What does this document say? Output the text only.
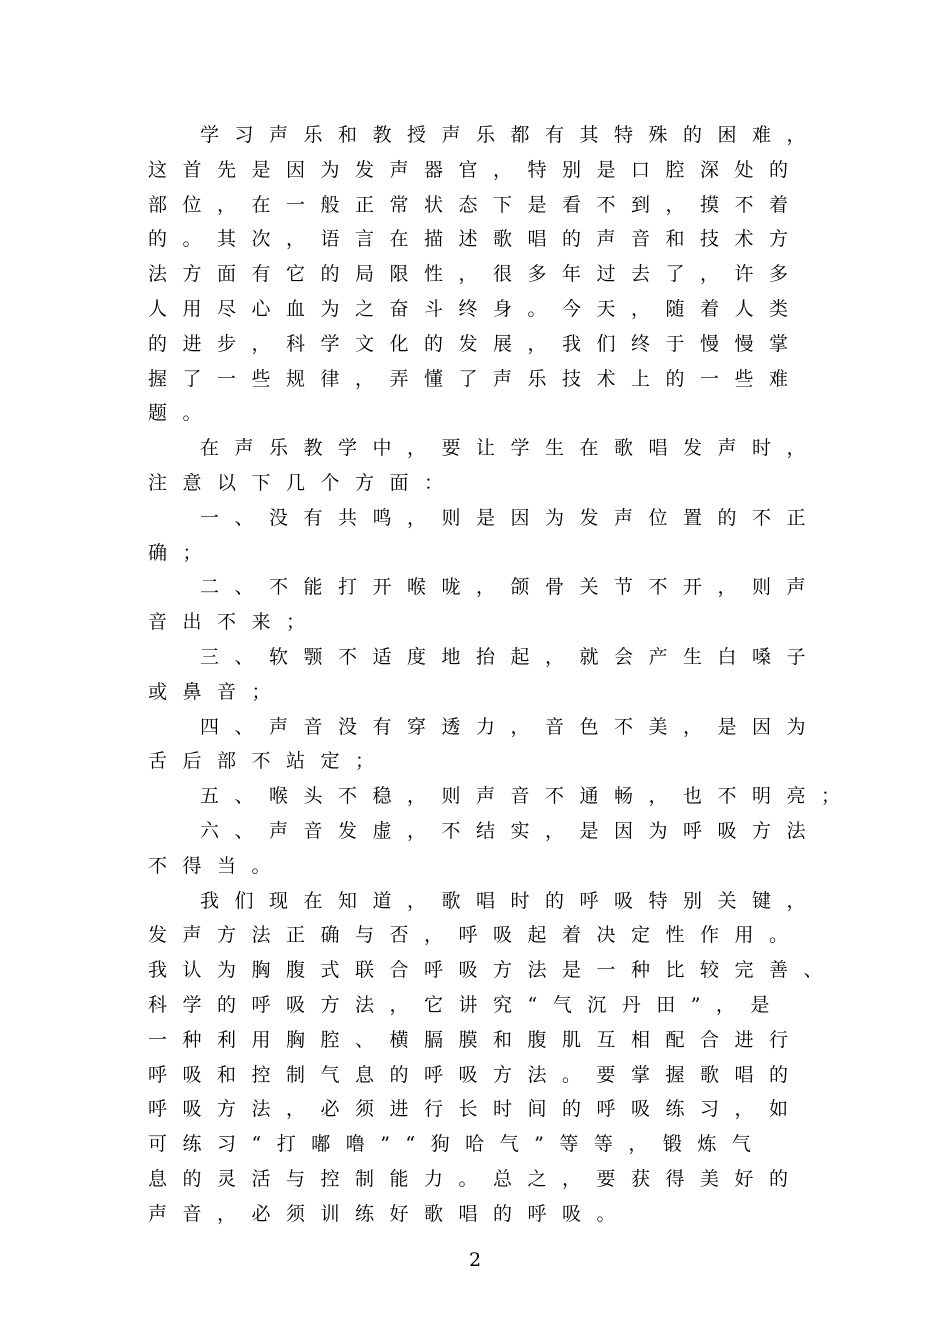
学习声乐和教授声乐都有其特殊的困难，
这首先是因为发声器官，特别是口腔深处的
部位，在一般正常状态下是看不到，摸不着
的。其次，语言在描述歌唱的声音和技术方
法方面有它的局限性，很多年过去了，许多
人用尽心血为之奋斗终身。今天，随着人类
的进步，科学文化的发展，我们终于慢慢掌
握了一些规律，弄懂了声乐技术上的一些难
题。
在声乐教学中，要让学生在歌唱发声时，
注意以下几个方面：
一、没有共鸣，则是因为发声位置的不正
确；
二、不能打开喉咙，颌骨关节不开，则声
音出不来；
三、软颚不适度地抬起，就会产生白嗓子
或鼻音；
四、声音没有穿透力，音色不美，是因为
舌后部不站定；
五、喉头不稳，则声音不通畅，也不明亮；
六、声音发虚，不结实，是因为呼吸方法
不得当。
我们现在知道，歌唱时的呼吸特别关键，
发声方法正确与否，呼吸起着决定性作用。
我认为胸腹式联合呼吸方法是一种比较完善、
科学的呼吸方法，它讲究“气沉丹田”，是
一种利用胸腔、横膈膜和腹肌互相配合进行
呼吸和控制气息的呼吸方法。要掌握歌唱的
呼吸方法，必须进行长时间的呼吸练习，如
可练习“打嘟噜”“狗哈气”等等，锻炼气
息的灵活与控制能力。总之，要获得美好的
声音，必须训练好歌唱的呼吸。
2
